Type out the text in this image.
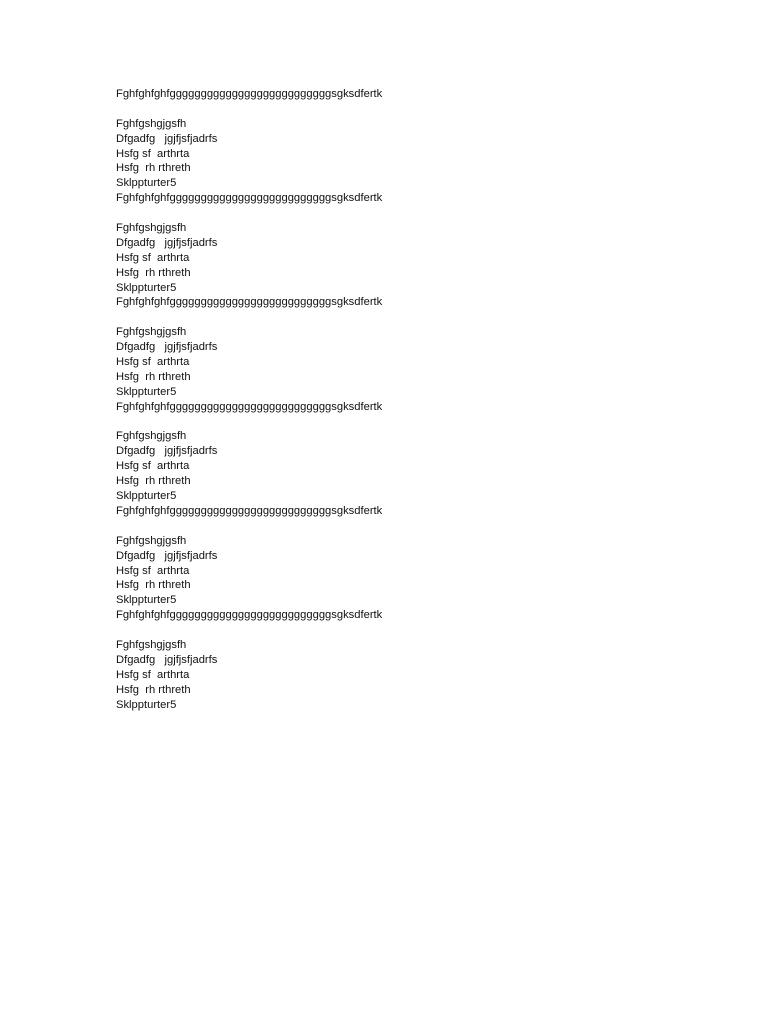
Fghfghfghfggggggggggggggggggggggggggsgksdfertk
Fghfgshgjgsfh
Dfgadfg   jgjfjsfjadrfs
Hsfg sf  arthrta
Hsfg  rh rthreth
Sklppturter5
Fghfghfghfggggggggggggggggggggggggggsgksdfertk
Fghfgshgjgsfh
Dfgadfg   jgjfjsfjadrfs
Hsfg sf  arthrta
Hsfg  rh rthreth
Sklppturter5
Fghfghfghfggggggggggggggggggggggggggsgksdfertk
Fghfgshgjgsfh
Dfgadfg   jgjfjsfjadrfs
Hsfg sf  arthrta
Hsfg  rh rthreth
Sklppturter5
Fghfghfghfggggggggggggggggggggggggggsgksdfertk
Fghfgshgjgsfh
Dfgadfg   jgjfjsfjadrfs
Hsfg sf  arthrta
Hsfg  rh rthreth
Sklppturter5
Fghfghfghfggggggggggggggggggggggggggsgksdfertk
Fghfgshgjgsfh
Dfgadfg   jgjfjsfjadrfs
Hsfg sf  arthrta
Hsfg  rh rthreth
Sklppturter5
Fghfghfghfggggggggggggggggggggggggggsgksdfertk
Fghfgshgjgsfh
Dfgadfg   jgjfjsfjadrfs
Hsfg sf  arthrta
Hsfg  rh rthreth
Sklppturter5
